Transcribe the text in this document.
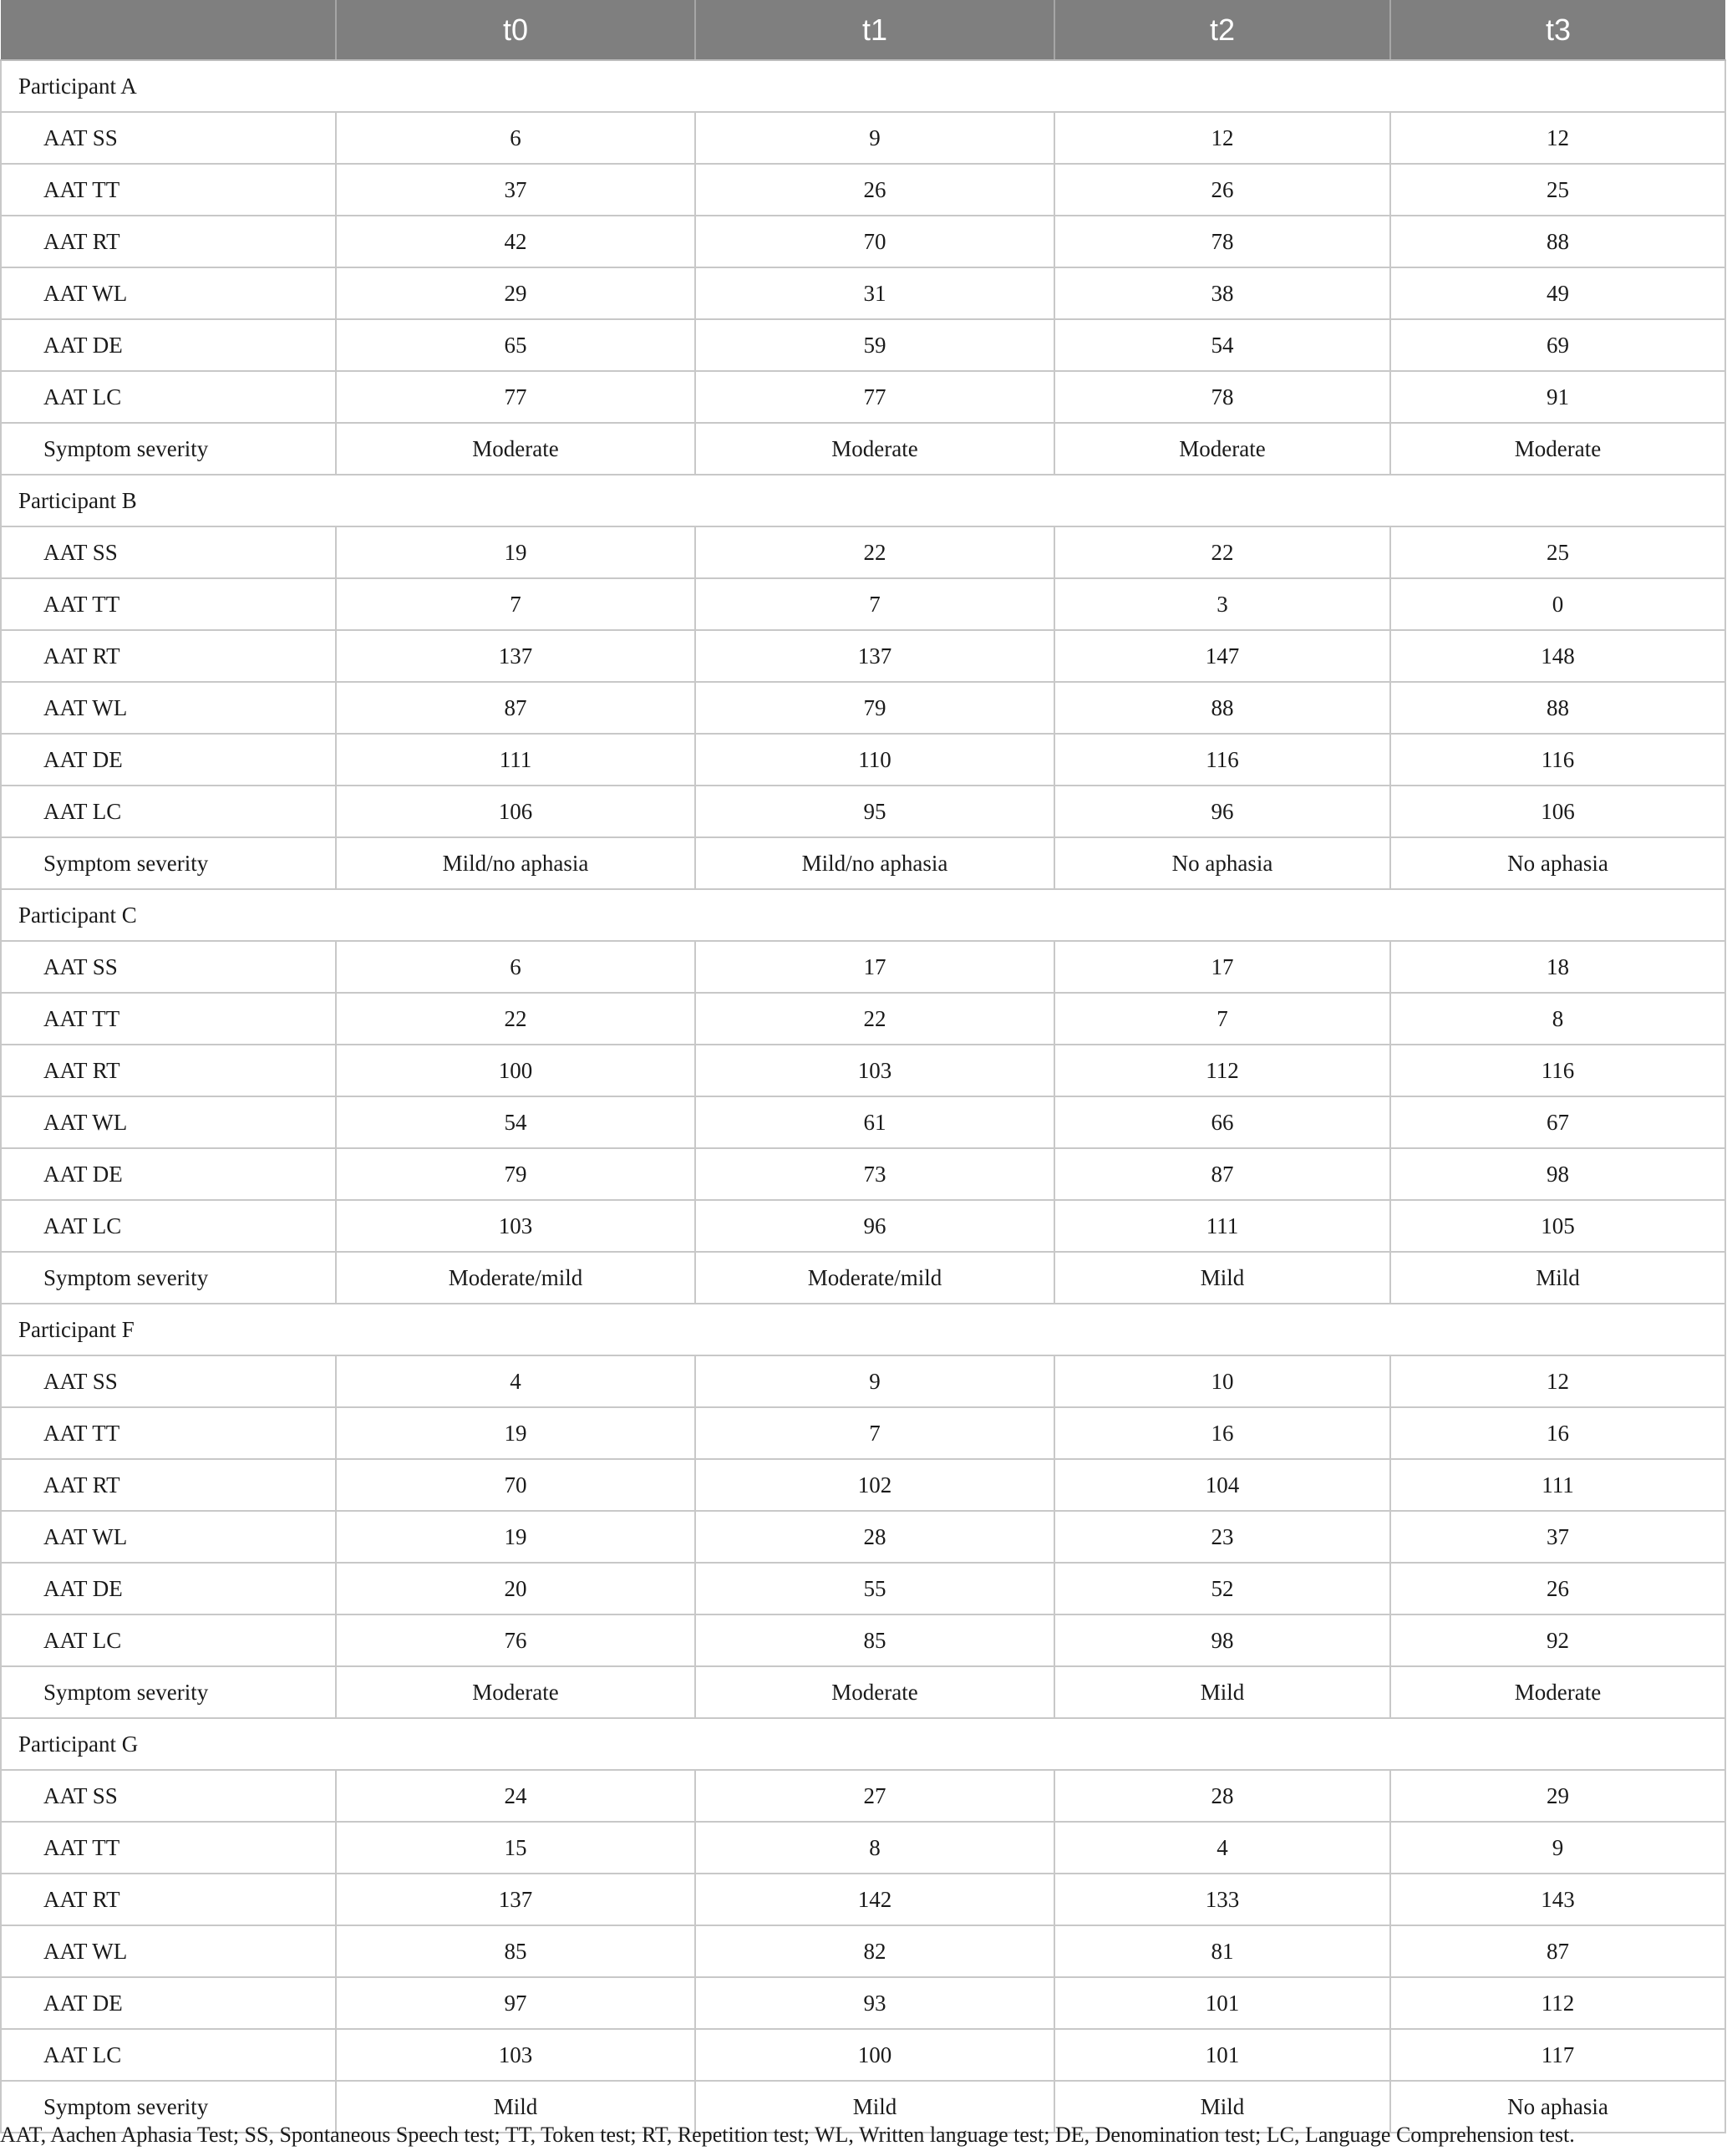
	t0	t1	t2	t3
Participant A				
AAT SS	6	9	12	12
AAT TT	37	26	26	25
AAT RT	42	70	78	88
AAT WL	29	31	38	49
AAT DE	65	59	54	69
AAT LC	77	77	78	91
Symptom severity	Moderate	Moderate	Moderate	Moderate
Participant B				
AAT SS	19	22	22	25
AAT TT	7	7	3	0
AAT RT	137	137	147	148
AAT WL	87	79	88	88
AAT DE	111	110	116	116
AAT LC	106	95	96	106
Symptom severity	Mild/no aphasia	Mild/no aphasia	No aphasia	No aphasia
Participant C				
AAT SS	6	17	17	18
AAT TT	22	22	7	8
AAT RT	100	103	112	116
AAT WL	54	61	66	67
AAT DE	79	73	87	98
AAT LC	103	96	111	105
Symptom severity	Moderate/mild	Moderate/mild	Mild	Mild
Participant F				
AAT SS	4	9	10	12
AAT TT	19	7	16	16
AAT RT	70	102	104	111
AAT WL	19	28	23	37
AAT DE	20	55	52	26
AAT LC	76	85	98	92
Symptom severity	Moderate	Moderate	Mild	Moderate
Participant G				
AAT SS	24	27	28	29
AAT TT	15	8	4	9
AAT RT	137	142	133	143
AAT WL	85	82	81	87
AAT DE	97	93	101	112
AAT LC	103	100	101	117
Symptom severity	Mild	Mild	Mild	No aphasia
AAT, Aachen Aphasia Test; SS, Spontaneous Speech test; TT, Token test; RT, Repetition test; WL, Written language test; DE, Denomination test; LC, Language Comprehension test.
